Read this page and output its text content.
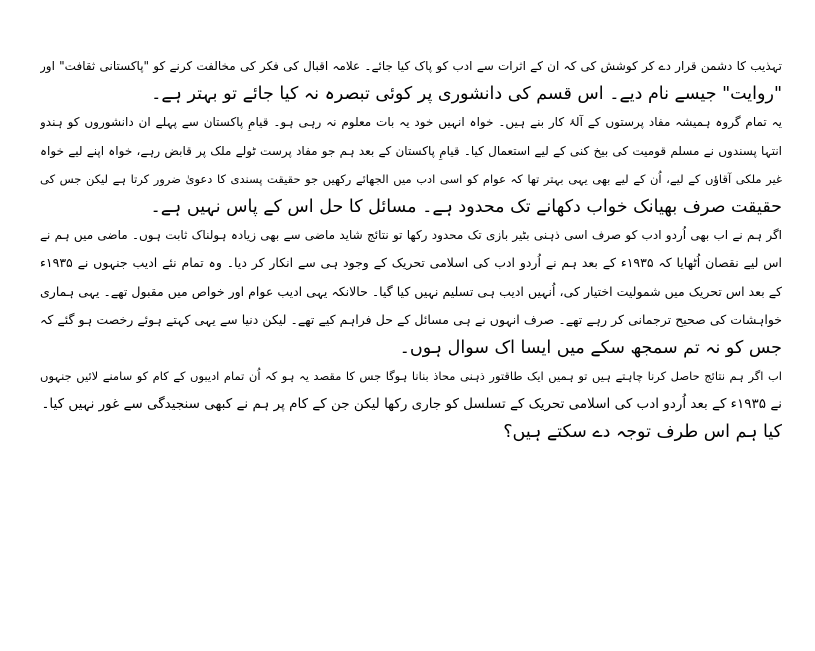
تہذیب کا دشمن قرار دے کر کوشش کی کہ ان کے اثرات سے ادب کو پاک کیا جائے۔ علامہ اقبال کی فکر کی مخالفت کرنے کو "پاکستانی ثقافت" اور
"روایت" جیسے نام دیے۔ اس قسم کی دانشوری پر کوئی تبصرہ نہ کیا جائے تو بہتر ہے۔
یہ تمام گروہ ہمیشہ مفاد پرستوں کے آلۂ کار بنے ہیں۔ خواہ انہیں خود یہ بات معلوم نہ رہی ہو۔ قیامِ پاکستان سے پہلے ان دانشوروں کو ہندو
انتہا پسندوں نے مسلم قومیت کی بیخ کنی کے لیے استعمال کیا۔ قیامِ پاکستان کے بعد ہم جو مفاد پرست ٹولے ملک پر قابض رہے، خواہ اپنے لیے خواہ
غیر ملکی آقاؤں کے لیے، اُن کے لیے بھی یہی بہتر تھا کہ عوام کو اسی ادب میں الجھائے رکھیں جو حقیقت پسندی کا دعویٰ ضرور کرتا ہے لیکن جس کی
حقیقت صرف بھیانک خواب دکھانے تک محدود ہے۔ مسائل کا حل اس کے پاس نہیں ہے۔
اگر ہم نے اب بھی اُردو ادب کو صرف اسی ذہنی بٹیر بازی تک محدود رکھا تو نتائج شاید ماضی سے بھی زیادہ ہولناک ثابت ہوں۔ ماضی میں ہم نے
اس لیے نقصان اُٹھایا کہ ۱۹۳۵ء کے بعد ہم نے اُردو ادب کی اسلامی تحریک کے وجود ہی سے انکار کر دیا۔ وہ تمام نئے ادیب جنہوں نے ۱۹۳۵ء
کے بعد اس تحریک میں شمولیت اختیار کی، اُنہیں ادیب ہی تسلیم نہیں کیا گیا۔ حالانکہ یہی ادیب عوام اور خواص میں مقبول تھے۔ یہی ہماری
خواہشات کی صحیح ترجمانی کر رہے تھے۔ صرف انہوں نے ہی مسائل کے حل فراہم کیے تھے۔ لیکن دنیا سے یہی کہتے ہوئے رخصت ہو گئے کہ
جس کو نہ تم سمجھ سکے میں ایسا اک سوال ہوں۔
اب اگر ہم نتائج حاصل کرنا چاہتے ہیں تو ہمیں ایک طاقتور ذہنی محاذ بنانا ہوگا جس کا مقصد یہ ہو کہ اُن تمام ادیبوں کے کام کو سامنے لائیں جنہوں
نے ۱۹۳۵ء کے بعد اُردو ادب کی اسلامی تحریک کے تسلسل کو جاری رکھا لیکن جن کے کام پر ہم نے کبھی سنجیدگی سے غور نہیں کیا۔
کیا ہم اس طرف توجہ دے سکتے ہیں؟
